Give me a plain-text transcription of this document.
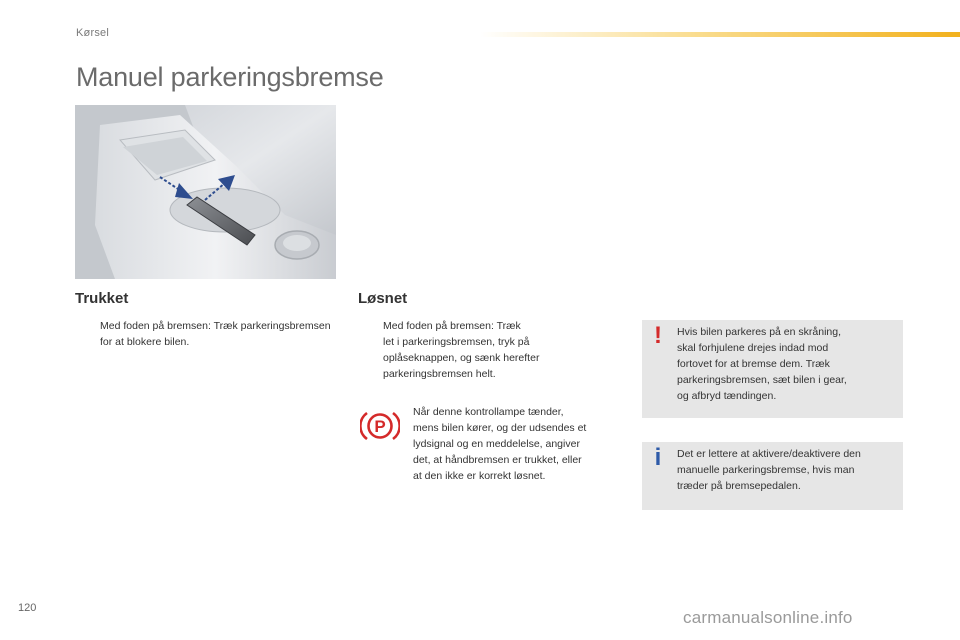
Kørsel
Manuel parkeringsbremse
Trukket
Med foden på bremsen: Træk parkeringsbremsen for at blokere bilen.
Løsnet
Med foden på bremsen: Træk
let i parkeringsbremsen, tryk på
oplåseknappen, og sænk herefter
parkeringsbremsen helt.
P
Når denne kontrollampe tænder,
mens bilen kører, og der udsendes et
lydsignal og en meddelelse, angiver
det, at håndbremsen er trukket, eller
at den ikke er korrekt løsnet.
!	Hvis bilen parkeres på en skråning,
skal forhjulene drejes indad mod
fortovet for at bremse dem. Træk
parkeringsbremsen, sæt bilen i gear,
og afbryd tændingen.
i	Det er lettere at aktivere/deaktivere den
manuelle parkeringsbremse, hvis man
træder på bremsepedalen.
120	carmanualsonline.info
